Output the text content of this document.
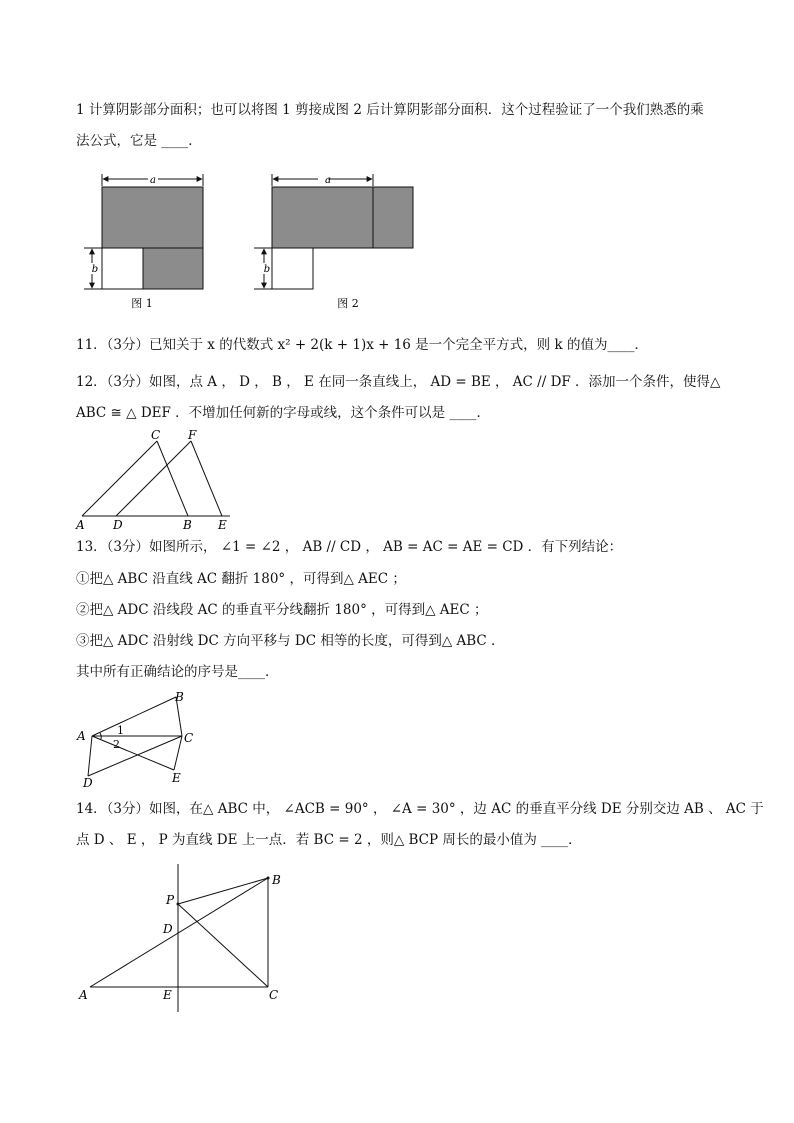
1 计算阴影部分面积；也可以将图 1 剪接成图 2 后计算阴影部分面积．这个过程验证了一个我们熟悉的乘
法公式，它是 ____．
a
b
图 1
a
b
图 2
11．（3分）已知关于 x 的代数式 x² + 2(k + 1)x + 16 是一个完全平方式，则 k 的值为____．
12．（3分）如图，点 A ， D ， B ， E 在同一条直线上， AD = BE ， AC // DF ．添加一个条件，使得△
ABC ≅ △ DEF ．不增加任何新的字母或线，这个条件可以是 ____．
A D	B E
C F
13．（3分）如图所示， ∠1 = ∠2 ， AB // CD ， AB = AC = AE = CD ．有下列结论：
①把△ ABC 沿直线 AC 翻折 180° ，可得到△ AEC ；
②把△ ADC 沿线段 AC 的垂直平分线翻折 180° ，可得到△ AEC ；
③把△ ADC 沿射线 DC 方向平移与 DC 相等的长度，可得到△ ABC ．
其中所有正确结论的序号是____．
A
B
C
D	E
1
2
14．（3分）如图，在△ ABC 中， ∠ACB = 90° ， ∠A = 30° ，边 AC 的垂直平分线 DE 分别交边 AB 、 AC 于
点 D 、 E ， P 为直线 DE 上一点．若 BC = 2 ，则△ BCP 周长的最小值为 ____．
A
B
C
D
E
P
